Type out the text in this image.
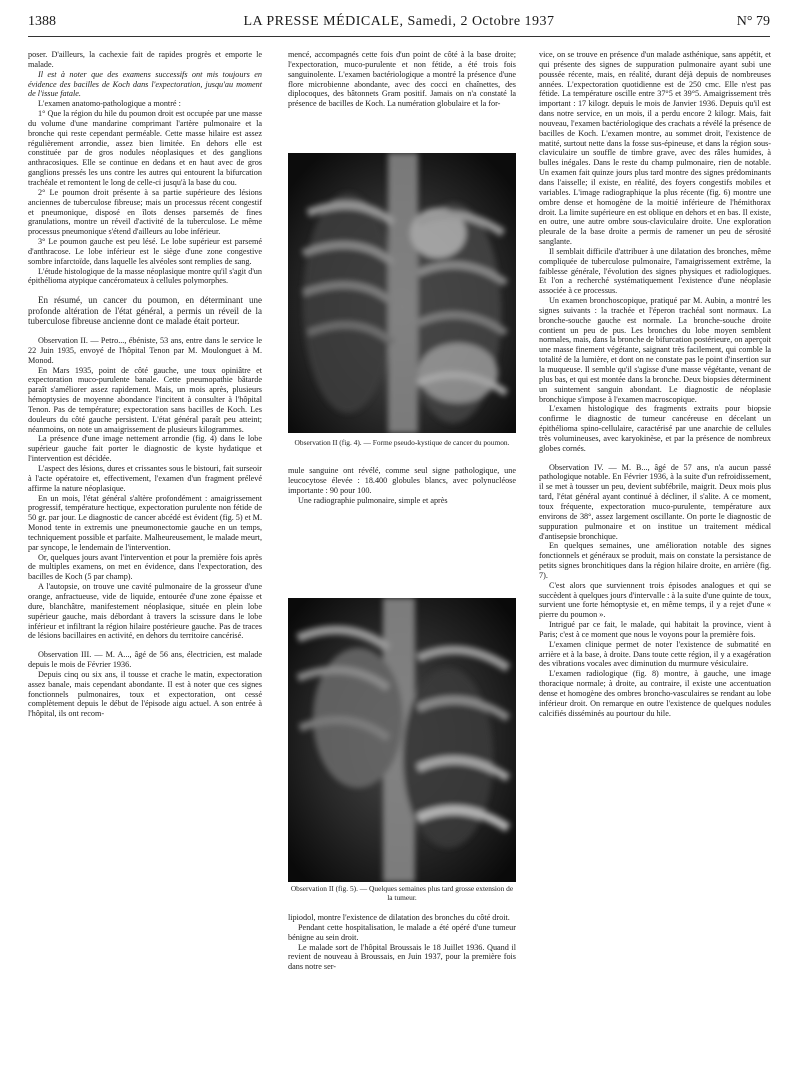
1388	LA PRESSE MÉDICALE, Samedi, 2 Octobre 1937	N° 79

poser. D'ailleurs, la cachexie fait de rapides progrès et emporte le malade.

Il est à noter que des examens successifs ont mis toujours en évidence des bacilles de Koch dans l'expectoration, jusqu'au moment de l'issue fatale.

L'examen anatomo-pathologique a montré :

1° Que la région du hile du poumon droit est occupée par une masse du volume d'une mandarine comprimant l'artère pulmonaire et la bronche qui reste cependant perméable. Cette masse hilaire est assez régulièrement arrondie, assez bien limitée. En dehors elle est constituée par de gros nodules néoplasiques et des ganglions anthracosiques. Elle se continue en dedans et en haut avec de gros ganglions pressés les uns contre les autres qui entourent la bifurcation trachéale et remontent le long de celle-ci jusqu'à la base du cou.

2° Le poumon droit présente à sa partie supérieure des lésions anciennes de tuberculose fibreuse; mais un processus récent congestif et pneumonique, disposé en îlots denses parsemés de fines granulations, montre un réveil d'activité de la tuberculose. Le même processus pneumonique s'étend d'ailleurs au lobe inférieur.

3° Le poumon gauche est peu lésé. Le lobe supérieur est parsemé d'anthracose. Le lobe inférieur est le siège d'une zone congestive sombre infarctoïde, dans laquelle les alvéoles sont remplies de sang.

L'étude histologique de la masse néoplasique montre qu'il s'agit d'un épithélioma atypique cancéromateux à cellules polymorphes.

En résumé, un cancer du poumon, en déterminant une profonde altération de l'état général, a permis un réveil de la tuberculose fibreuse ancienne dont ce malade était porteur.

Observation II. — Petro..., ébéniste, 53 ans, entre dans le service le 22 Juin 1935, envoyé de l'hôpital Tenon par M. Moulonguet à M. Monod.

En Mars 1935, point de côté gauche, une toux opiniâtre et expectoration muco-purulente banale. Cette pneumopathie bâtarde paraît s'améliorer assez rapidement. Mais, un mois après, plusieurs hémoptysies de moyenne abondance l'incitent à consulter à l'hôpital Tenon. Pas de température; expectoration sans bacilles de Koch. Les douleurs du côté gauche persistent. L'état général paraît peu atteint; néanmoins, on note un amaigrissement de plusieurs kilogrammes.

La présence d'une image nettement arrondie (fig. 4) dans le lobe supérieur gauche fait porter le diagnostic de kyste hydatique et l'intervention est décidée.

L'aspect des lésions, dures et crissantes sous le bistouri, fait surseoir à l'acte opératoire et, effectivement, l'examen d'un fragment prélevé affirme la nature néoplasique.

En un mois, l'état général s'altère profondément : amaigrissement progressif, température hectique, expectoration purulente non fétide de 50 gr. par jour. Le diagnostic de cancer abcédé est évident (fig. 5) et M. Monod tente in extremis une pneumonectomie gauche en un temps, techniquement possible et parfaite. Malheureusement, le malade meurt, par syncope, le lendemain de l'intervention.

Or, quelques jours avant l'intervention et pour la première fois après de multiples examens, on met en évidence, dans l'expectoration, des bacilles de Koch (5 par champ).

A l'autopsie, on trouve une cavité pulmonaire de la grosseur d'une orange, anfractueuse, vide de liquide, entourée d'une zone épaisse et dure, blanchâtre, manifestement néoplasique, située en plein lobe supérieur gauche, mais débordant à travers la scissure dans le lobe inférieur et infiltrant la région hilaire postérieure gauche. Pas de traces de lésions bacillaires en activité, en dehors du territoire cancérisé.

Observation III. — M. A..., âgé de 56 ans, électricien, est malade depuis le mois de Février 1936.

Depuis cinq ou six ans, il tousse et crache le matin, expectoration assez banale, mais cependant abondante. Il est à noter que ces signes fonctionnels pulmonaires, toux et expectoration, ont cessé complètement depuis le début de l'épisode aigu actuel. A son entrée à l'hôpital, ils ont recom-

mencé, accompagnés cette fois d'un point de côté à la base droite; l'expectoration, muco-purulente et non fétide, a été trois fois sanguinolente. L'examen bactériologique a montré la présence d'une flore microbienne abondante, avec des cocci en chaînettes, des diplocoques, des bâtonnets Gram positif. Jamais on n'a constaté la présence de bacilles de Koch. La numération globulaire et la for-

Observation II (fig. 4). — Forme pseudo-kystique de cancer du poumon.

mule sanguine ont révélé, comme seul signe pathologique, une leucocytose élevée : 18.400 globules blancs, avec polynucléose importante : 90 pour 100.

Une radiographie pulmonaire, simple et après

Observation II (fig. 5). — Quelques semaines plus tard grosse extension de la tumeur.

lipiodol, montre l'existence de dilatation des bronches du côté droit.

Pendant cette hospitalisation, le malade a été opéré d'une tumeur bénigne au sein droit.

Le malade sort de l'hôpital Broussais le 18 Juillet 1936. Quand il revient de nouveau à Broussais, en Juin 1937, pour la première fois dans notre ser-

vice, on se trouve en présence d'un malade asthénique, sans appétit, et qui présente des signes de suppuration pulmonaire ayant subi une poussée récente, mais, en réalité, durant déjà depuis de nombreuses années. L'expectoration quotidienne est de 250 cmc. Elle n'est pas fétide. La température oscille entre 37°5 et 39°5. Amaigrissement très important : 17 kilogr. depuis le mois de Janvier 1936. Depuis qu'il est dans notre service, en un mois, il a perdu encore 2 kilogr. Mais, fait nouveau, l'examen bactériologique des crachats a révélé la présence de bacilles de Koch. L'examen montre, au sommet droit, l'existence de matité, surtout nette dans la fosse sus-épineuse, et dans la région sous-claviculaire un souffle de timbre grave, avec des râles humides, à bulles inégales. Dans le reste du champ pulmonaire, rien de notable. Un examen fait quinze jours plus tard montre des signes prédominants dans l'aisselle; il existe, en réalité, des foyers congestifs mobiles et variables. L'image radiographique la plus récente (fig. 6) montre une ombre dense et homogène de la moitié inférieure de l'hémithorax droit. La limite supérieure en est oblique en dehors et en bas. Il existe, en outre, une autre ombre sous-claviculaire droite. Une exploration pleurale de la base droite a permis de ramener un peu de sérosité sanglante.

Il semblait difficile d'attribuer à une dilatation des bronches, même compliquée de tuberculose pulmonaire, l'amaigrissement extrême, la faiblesse générale, l'évolution des signes physiques et radiologiques. Et l'on a recherché systématiquement l'existence d'une néoplasie associée à ce processus.

Un examen bronchoscopique, pratiqué par M. Aubin, a montré les signes suivants : la trachée et l'éperon trachéal sont normaux. La bronche-souche gauche est normale. La bronche-souche droite contient un peu de pus. Les bronches du lobe moyen semblent normales, mais, dans la bronche de bifurcation postérieure, on aperçoit une masse finement végétante, saignant très facilement, qui comble la totalité de la lumière, et dont on ne constate pas le point d'insertion sur la muqueuse. Il semble qu'il s'agisse d'une masse végétante, venant de plus bas, et qui est montée dans la bronche. Deux biopsies déterminent un suintement sanguin abondant. Le diagnostic de néoplasie bronchique s'impose à l'examen macroscopique.

L'examen histologique des fragments extraits pour biopsie confirme le diagnostic de tumeur cancéreuse en décelant un épithélioma spino-cellulaire, caractérisé par une anarchie de cellules très volumineuses, avec karyokinèse, et par la présence de nombreux globes cornés.

Observation IV. — M. B..., âgé de 57 ans, n'a aucun passé pathologique notable. En Février 1936, à la suite d'un refroidissement, il se met à tousser un peu, devient subfébrile, maigrit. Deux mois plus tard, l'état général ayant continué à décliner, il s'alite. A ce moment, toux fréquente, expectoration muco-purulente, température aux environs de 38°, assez largement oscillante. On porte le diagnostic de suppuration pulmonaire et on institue un traitement médical d'antisepsie bronchique.

En quelques semaines, une amélioration notable des signes fonctionnels et généraux se produit, mais on constate la persistance de petits signes bronchitiques dans la région hilaire droite, en arrière (fig. 7).

C'est alors que surviennent trois épisodes analogues et qui se succèdent à quelques jours d'intervalle : à la suite d'une quinte de toux, survient une forte hémoptysie et, en même temps, il y a rejet d'une « pierre du poumon ».

Intrigué par ce fait, le malade, qui habitait la province, vient à Paris; c'est à ce moment que nous le voyons pour la première fois.

L'examen clinique permet de noter l'existence de submatité en arrière et à la base, à droite. Dans toute cette région, il y a exagération des vibrations vocales avec diminution du murmure vésiculaire.

L'examen radiologique (fig. 8) montre, à gauche, une image thoracique normale; à droite, au contraire, il existe une accentuation dense et homogène des ombres broncho-vasculaires se rendant au lobe inférieur droit. On remarque en outre l'existence de quelques nodules calcifiés disséminés au pourtour du hile.
